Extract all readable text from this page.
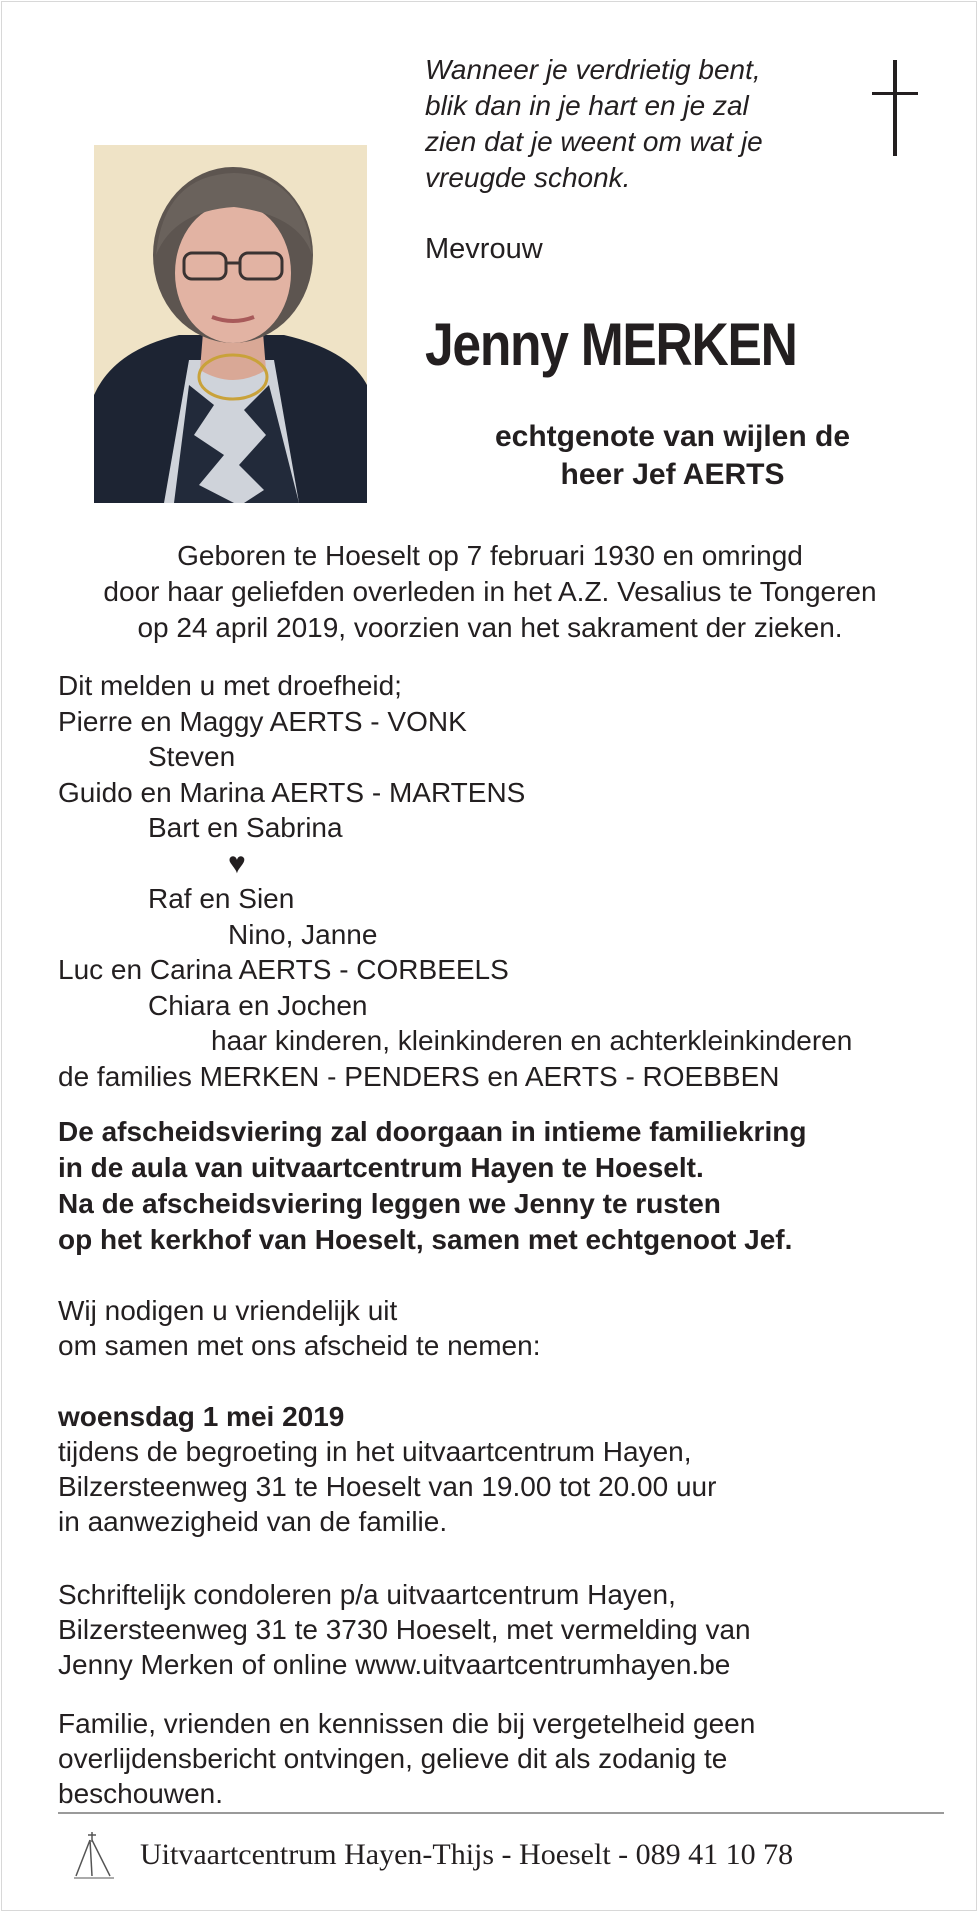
Wanneer je verdrietig bent,
blik dan in je hart en je zal
zien dat je weent om wat je
vreugde schonk.
Mevrouw
Jenny MERKEN
echtgenote van wijlen de
heer Jef AERTS
Geboren te Hoeselt op 7 februari 1930 en omringd
door haar geliefden overleden in het A.Z. Vesalius te Tongeren
op 24 april 2019, voorzien van het sakrament der zieken.
Dit melden u met droefheid;
Pierre en Maggy AERTS - VONK
Steven
Guido en Marina AERTS - MARTENS
Bart en Sabrina
♥
Raf en Sien
Nino, Janne
Luc en Carina AERTS - CORBEELS
Chiara en Jochen
haar kinderen, kleinkinderen en achterkleinkinderen
de families MERKEN - PENDERS en AERTS - ROEBBEN
De afscheidsviering zal doorgaan in intieme familiekring
in de aula van uitvaartcentrum Hayen te Hoeselt.
Na de afscheidsviering leggen we Jenny te rusten
op het kerkhof van Hoeselt, samen met echtgenoot Jef.
Wij nodigen u vriendelijk uit
om samen met ons afscheid te nemen:
woensdag 1 mei 2019
tijdens de begroeting in het uitvaartcentrum Hayen,
Bilzersteenweg 31 te Hoeselt van 19.00 tot 20.00 uur
in aanwezigheid van de familie.
Schriftelijk condoleren p/a uitvaartcentrum Hayen,
Bilzersteenweg 31 te 3730 Hoeselt, met vermelding van
Jenny Merken of online www.uitvaartcentrumhayen.be
Familie, vrienden en kennissen die bij vergetelheid geen
overlijdensbericht ontvingen, gelieve dit als zodanig te
beschouwen.
Uitvaartcentrum Hayen-Thijs - Hoeselt - 089 41 10 78
